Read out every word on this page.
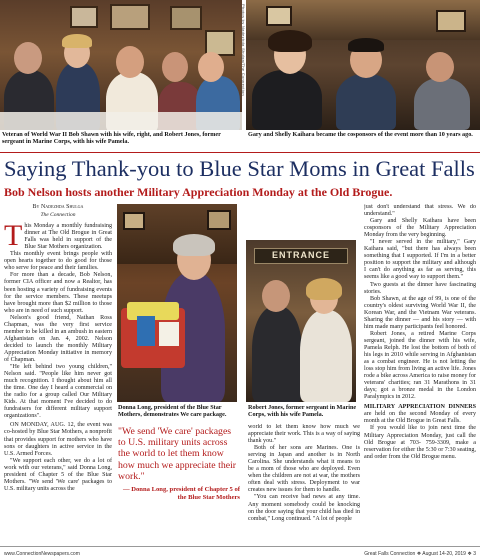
Photos by Nadezhda Shulga/The Connection
Veteran of World War II Bob Shawn with his wife, right, and Robert Jones, former sergeant in Marine Corps, with his wife Pamela.
Gary and Shelly Kaihara became the cosponsors of the event more than 10 years ago.
Saying Thank-you to Blue Star Moms in Great Falls
Bob Nelson hosts another Military Appreciation Monday at the Old Brogue.
By Nadezhda Shulga
The Connection
T his Monday a monthly fundraising dinner at The Old Brogue in Great Falls was held in support of the Blue Star Mothers organization.

This monthly event brings people with open hearts together to do good for those who serve for peace and their families.

For more than a decade, Bob Nelson, former CIA officer and now a Realtor, has been hosting a variety of fundraising events for the service members. These meetups have brought more than $2 million to those who are in need of such support.

Nelson's good friend, Nathan Ross Chapman, was the very first service member to be killed in an ambush in eastern Afghanistan on Jan. 4, 2002. Nelson decided to launch the monthly Military Appreciation Monday initiative in memory of Chapman.

"He left behind two young children," Nelson said. "People like him never got much recognition. I thought about him all the time. One day I heard a commercial on the radio for a group called Our Military Kids. At that moment I've decided to do fundraisers for different military support organizations".

ON MONDAY, AUG. 12, the event was co-hosted by Blue Star Mothers, a nonprofit that provides support for mothers who have sons or daughters in active service in the U.S. Armed Forces.

"We support each other, we do a lot of work with our veterans," said Donna Long, president of Chapter 5 of the Blue Star Mothers. "We send 'We care' packages to U.S. military units across the

ENTRANCE
Donna Long, president of the Blue Star Mothers, demonstrates We care package.
Robert Jones, former sergeant in Marine Corps, with his wife Pamela.
"We send 'We care' packages to U.S. military units across the world to let them know how much we appreciate their work."
— Donna Long, president of Chapter 5 of the Blue Star Mothers

world to let them know how much we appreciate their work. This is a way of saying thank you."

Both of her sons are Marines. One is serving in Japan and another is in North Carolina. She understands what it means to be a mom of those who are deployed. Even when the children are not at war, the mothers often deal with stress. Deployment to war creates new issues for them to handle.

"You can receive bad news at any time. Any moment somebody could be knocking on the door saying that your child has died in combat," Long continued. "A lot of people

just don't understand that stress. We do understand."

Gary and Shelly Kaihara have been cosponsors of the Military Appreciation Monday from the very beginning.

"I never served in the military," Gary Kaihara said, "but there has always been something that I supported. If I'm in a better position to support the military and although I can't do anything as far as serving, this seems like a good way to support them."

Two guests at the dinner have fascinating stories.

Bob Shawn, at the age of 99, is one of the country's oldest surviving World War II, the Korean War, and the Vietnam War veterans. Sharing the dinner — and his story — with him made many participants feel honored.

Robert Jones, a retired Marine Corps sergeant, joined the dinner with his wife, Pamela Relph. He lost the bottom of both of his legs in 2010 while serving in Afghanistan as a combat engineer. He is not letting the loss stop him from living an active life. Jones rode a bike across America to raise money for veterans' charities; ran 31 Marathons in 31 days; got a bronze medal in the London Paralympics in 2012.

MILITARY APPRECIATION DINNERS are held on the second Monday of every month at the Old Brogue in Great Falls.

If you would like to join next time the Military Appreciation Monday, just call the Old Brogue at 703- 759-3309, make a reservation for either the 5:30 or 7:30 seating, and order from the Old Brogue menu.

www.ConnectionNewspapers.com	Great Falls Connection ❖ August 14-20, 2019 ❖ 3
